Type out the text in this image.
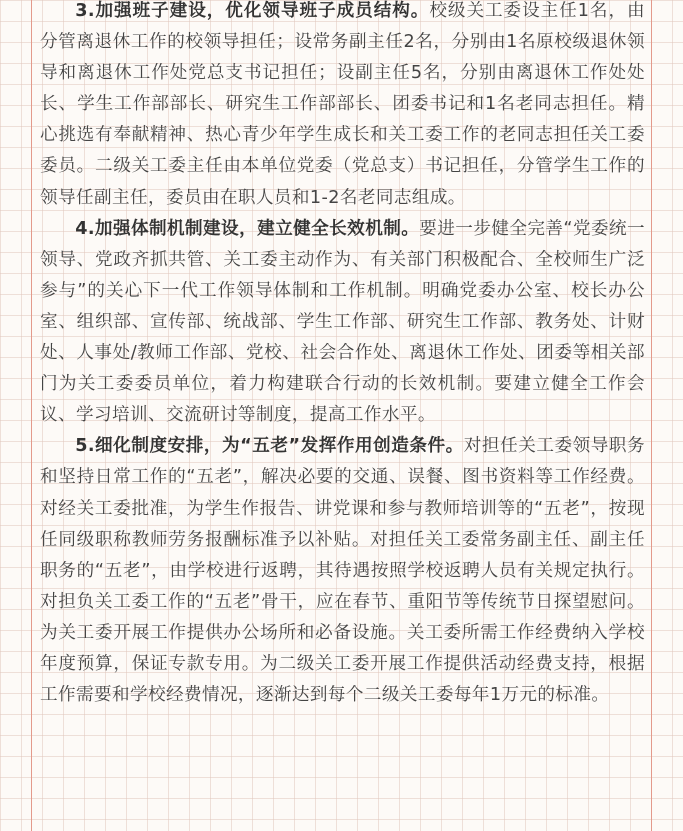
3.加强班子建设，优化领导班子成员结构。校级关工委设主任1名，由分管离退休工作的校领导担任；设常务副主任2名，分别由1名原校级退休领导和离退休工作处党总支书记担任；设副主任5名，分别由离退休工作处处长、学生工作部部长、研究生工作部部长、团委书记和1名老同志担任。精心挑选有奉献精神、热心青少年学生成长和关工委工作的老同志担任关工委委员。二级关工委主任由本单位党委（党总支）书记担任，分管学生工作的领导任副主任，委员由在职人员和1-2名老同志组成。

4.加强体制机制建设，建立健全长效机制。要进一步健全完善“党委统一领导、党政齐抓共管、关工委主动作为、有关部门积极配合、全校师生广泛参与”的关心下一代工作领导体制和工作机制。明确党委办公室、校长办公室、组织部、宣传部、统战部、学生工作部、研究生工作部、教务处、计财处、人事处/教师工作部、党校、社会合作处、离退休工作处、团委等相关部门为关工委委员单位，着力构建联合行动的长效机制。要建立健全工作会议、学习培训、交流研讨等制度，提高工作水平。

5.细化制度安排，为“五老”发挥作用创造条件。对担任关工委领导职务和坚持日常工作的“五老”，解决必要的交通、误餐、图书资料等工作经费。对经关工委批准，为学生作报告、讲党课和参与教师培训等的“五老”，按现任同级职称教师劳务报酬标准予以补贴。对担任关工委常务副主任、副主任职务的“五老”，由学校进行返聘，其待遇按照学校返聘人员有关规定执行。对担负关工委工作的“五老”骨干，应在春节、重阳节等传统节日探望慰问。为关工委开展工作提供办公场所和必备设施。关工委所需工作经费纳入学校年度预算，保证专款专用。为二级关工委开展工作提供活动经费支持，根据工作需要和学校经费情况，逐渐达到每个二级关工委每年1万元的标准。
